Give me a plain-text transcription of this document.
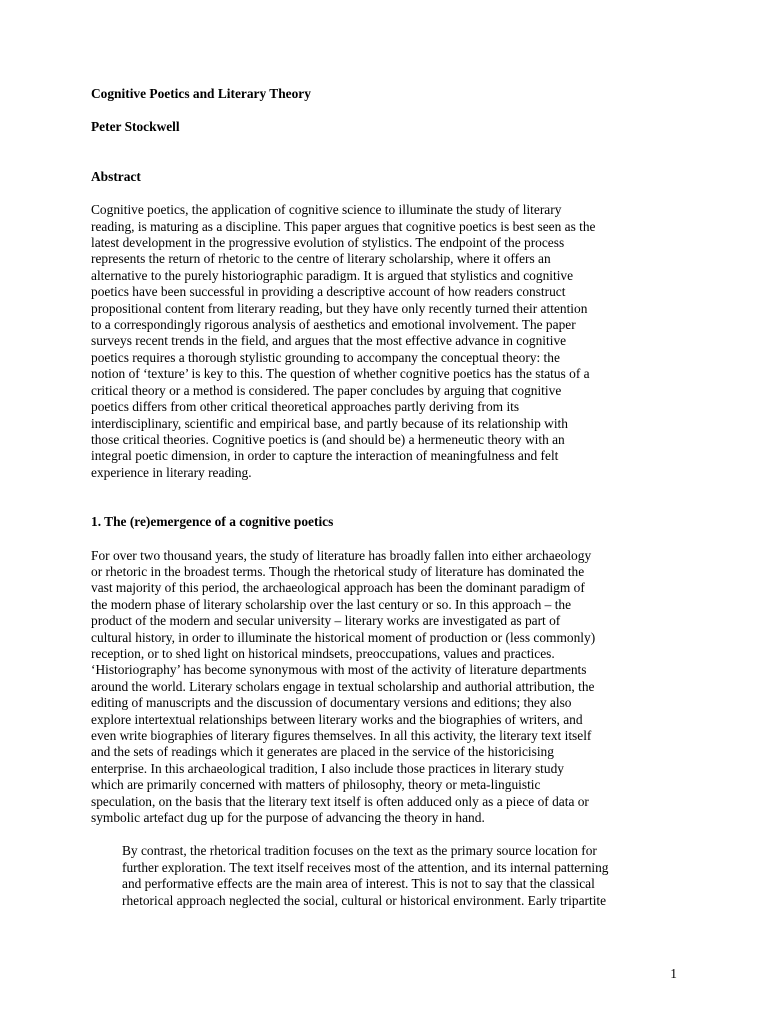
Cognitive Poetics and Literary Theory

Peter Stockwell

Abstract

Cognitive poetics, the application of cognitive science to illuminate the study of literary
reading, is maturing as a discipline. This paper argues that cognitive poetics is best seen as the
latest development in the progressive evolution of stylistics. The endpoint of the process
represents the return of rhetoric to the centre of literary scholarship, where it offers an
alternative to the purely historiographic paradigm. It is argued that stylistics and cognitive
poetics have been successful in providing a descriptive account of how readers construct
propositional content from literary reading, but they have only recently turned their attention
to a correspondingly rigorous analysis of aesthetics and emotional involvement. The paper
surveys recent trends in the field, and argues that the most effective advance in cognitive
poetics requires a thorough stylistic grounding to accompany the conceptual theory: the
notion of ‘texture’ is key to this. The question of whether cognitive poetics has the status of a
critical theory or a method is considered. The paper concludes by arguing that cognitive
poetics differs from other critical theoretical approaches partly deriving from its
interdisciplinary, scientific and empirical base, and partly because of its relationship with
those critical theories. Cognitive poetics is (and should be) a hermeneutic theory with an
integral poetic dimension, in order to capture the interaction of meaningfulness and felt
experience in literary reading.

1. The (re)emergence of a cognitive poetics

For over two thousand years, the study of literature has broadly fallen into either archaeology
or rhetoric in the broadest terms. Though the rhetorical study of literature has dominated the
vast majority of this period, the archaeological approach has been the dominant paradigm of
the modern phase of literary scholarship over the last century or so. In this approach – the
product of the modern and secular university – literary works are investigated as part of
cultural history, in order to illuminate the historical moment of production or (less commonly)
reception, or to shed light on historical mindsets, preoccupations, values and practices.
‘Historiography’ has become synonymous with most of the activity of literature departments
around the world. Literary scholars engage in textual scholarship and authorial attribution, the
editing of manuscripts and the discussion of documentary versions and editions; they also
explore intertextual relationships between literary works and the biographies of writers, and
even write biographies of literary figures themselves. In all this activity, the literary text itself
and the sets of readings which it generates are placed in the service of the historicising
enterprise. In this archaeological tradition, I also include those practices in literary study
which are primarily concerned with matters of philosophy, theory or meta-linguistic
speculation, on the basis that the literary text itself is often adduced only as a piece of data or
symbolic artefact dug up for the purpose of advancing the theory in hand.

By contrast, the rhetorical tradition focuses on the text as the primary source location for
further exploration. The text itself receives most of the attention, and its internal patterning
and performative effects are the main area of interest. This is not to say that the classical
rhetorical approach neglected the social, cultural or historical environment. Early tripartite

1
